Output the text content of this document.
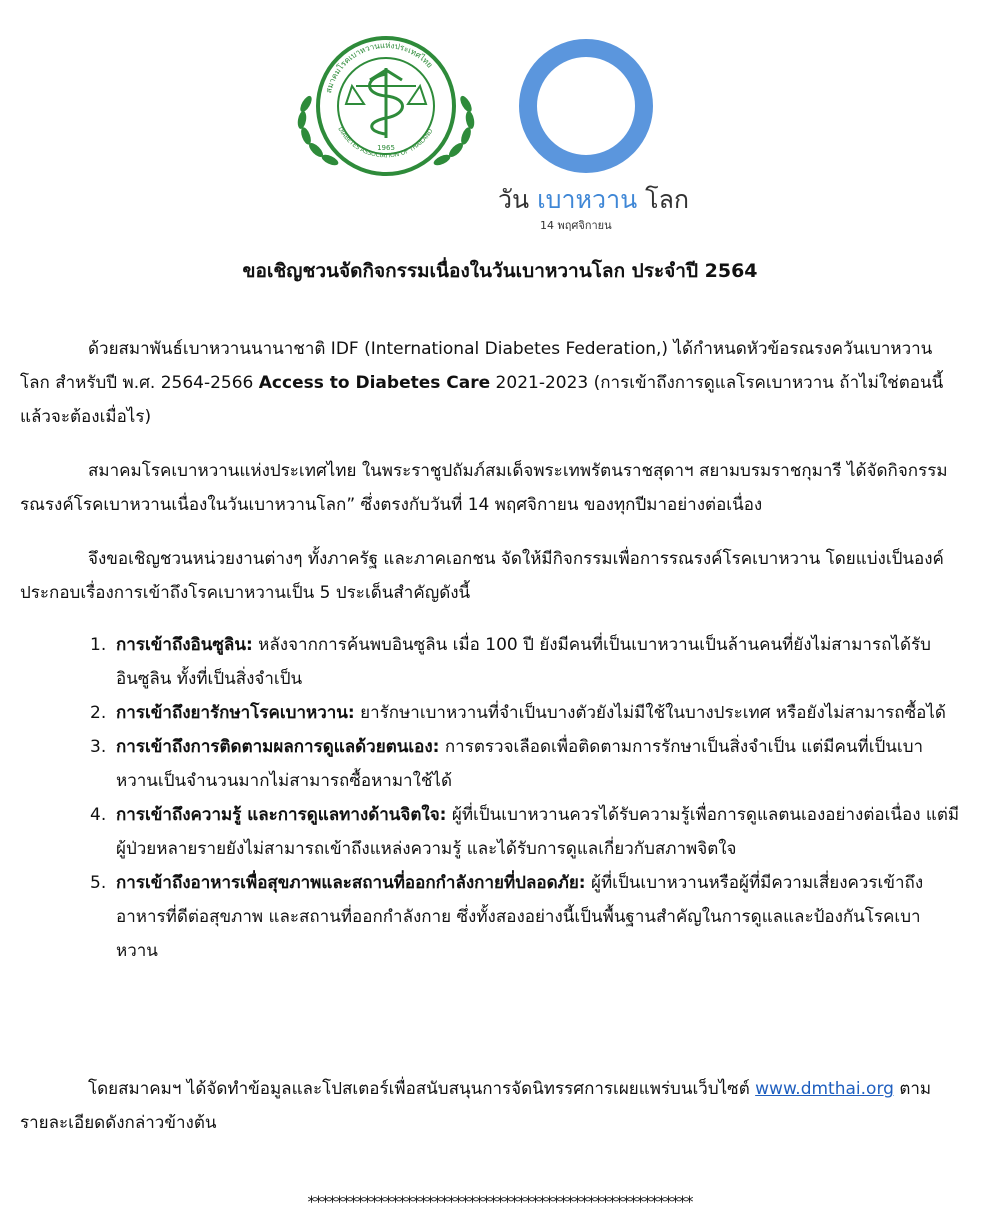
สมาคมโรคเบาหวานแห่งประเทศไทย
DIABETES ASSOCIATION OF THAILAND
1965
วัน เบาหวาน โลก
14 พฤศจิกายน
ขอเชิญชวนจัดกิจกรรมเนื่องในวันเบาหวานโลก ประจำปี 2564
ด้วยสมาพันธ์เบาหวานนานาชาติ IDF (International Diabetes Federation,) ได้กำหนดหัวข้อรณรงควันเบาหวานโลก สำหรับปี พ.ศ. 2564-2566 Access to Diabetes Care 2021-2023 (การเข้าถึงการดูแลโรคเบาหวาน ถ้าไม่ใช่ตอนนี้ แล้วจะต้องเมื่อไร)
สมาคมโรคเบาหวานแห่งประเทศไทย ในพระราชูปถัมภ์สมเด็จพระเทพรัตนราชสุดาฯ สยามบรมราชกุมารี ได้จัดกิจกรรมรณรงค์โรคเบาหวานเนื่องในวันเบาหวานโลก” ซึ่งตรงกับวันที่ 14 พฤศจิกายน ของทุกปีมาอย่างต่อเนื่อง
จึงขอเชิญชวนหน่วยงานต่างๆ ทั้งภาครัฐ และภาคเอกชน จัดให้มีกิจกรรมเพื่อการรณรงค์โรคเบาหวาน โดยแบ่งเป็นองค์ประกอบเรื่องการเข้าถึงโรคเบาหวานเป็น 5 ประเด็นสำคัญดังนี้
1. การเข้าถึงอินซูลิน: หลังจากการค้นพบอินซูลิน เมื่อ 100 ปี ยังมีคนที่เป็นเบาหวานเป็นล้านคนที่ยังไม่สามารถได้รับ อินซูลิน ทั้งที่เป็นสิ่งจำเป็น
2. การเข้าถึงยารักษาโรคเบาหวาน: ยารักษาเบาหวานที่จำเป็นบางตัวยังไม่มีใช้ในบางประเทศ หรือยังไม่สามารถซื้อได้
3. การเข้าถึงการติดตามผลการดูแลด้วยตนเอง: การตรวจเลือดเพื่อติดตามการรักษาเป็นสิ่งจำเป็น แต่มีคนที่เป็นเบาหวานเป็นจำนวนมากไม่สามารถซื้อหามาใช้ได้
4. การเข้าถึงความรู้ และการดูแลทางด้านจิตใจ: ผู้ที่เป็นเบาหวานควรได้รับความรู้เพื่อการดูแลตนเองอย่างต่อเนื่อง แต่มีผู้ป่วยหลายรายยังไม่สามารถเข้าถึงแหล่งความรู้ และได้รับการดูแลเกี่ยวกับสภาพจิตใจ
5. การเข้าถึงอาหารเพื่อสุขภาพและสถานที่ออกกำลังกายที่ปลอดภัย: ผู้ที่เป็นเบาหวานหรือผู้ที่มีความเสี่ยงควรเข้าถึงอาหารที่ดีต่อสุขภาพ และสถานที่ออกกำลังกาย ซึ่งทั้งสองอย่างนี้เป็นพื้นฐานสำคัญในการดูแลและป้องกันโรคเบาหวาน
โดยสมาคมฯ ได้จัดทำข้อมูลและโปสเตอร์เพื่อสนับสนุนการจัดนิทรรศการเผยแพร่บนเว็บไซต์ www.dmthai.org ตามรายละเอียดดังกล่าวข้างต้น
*******************************************************
